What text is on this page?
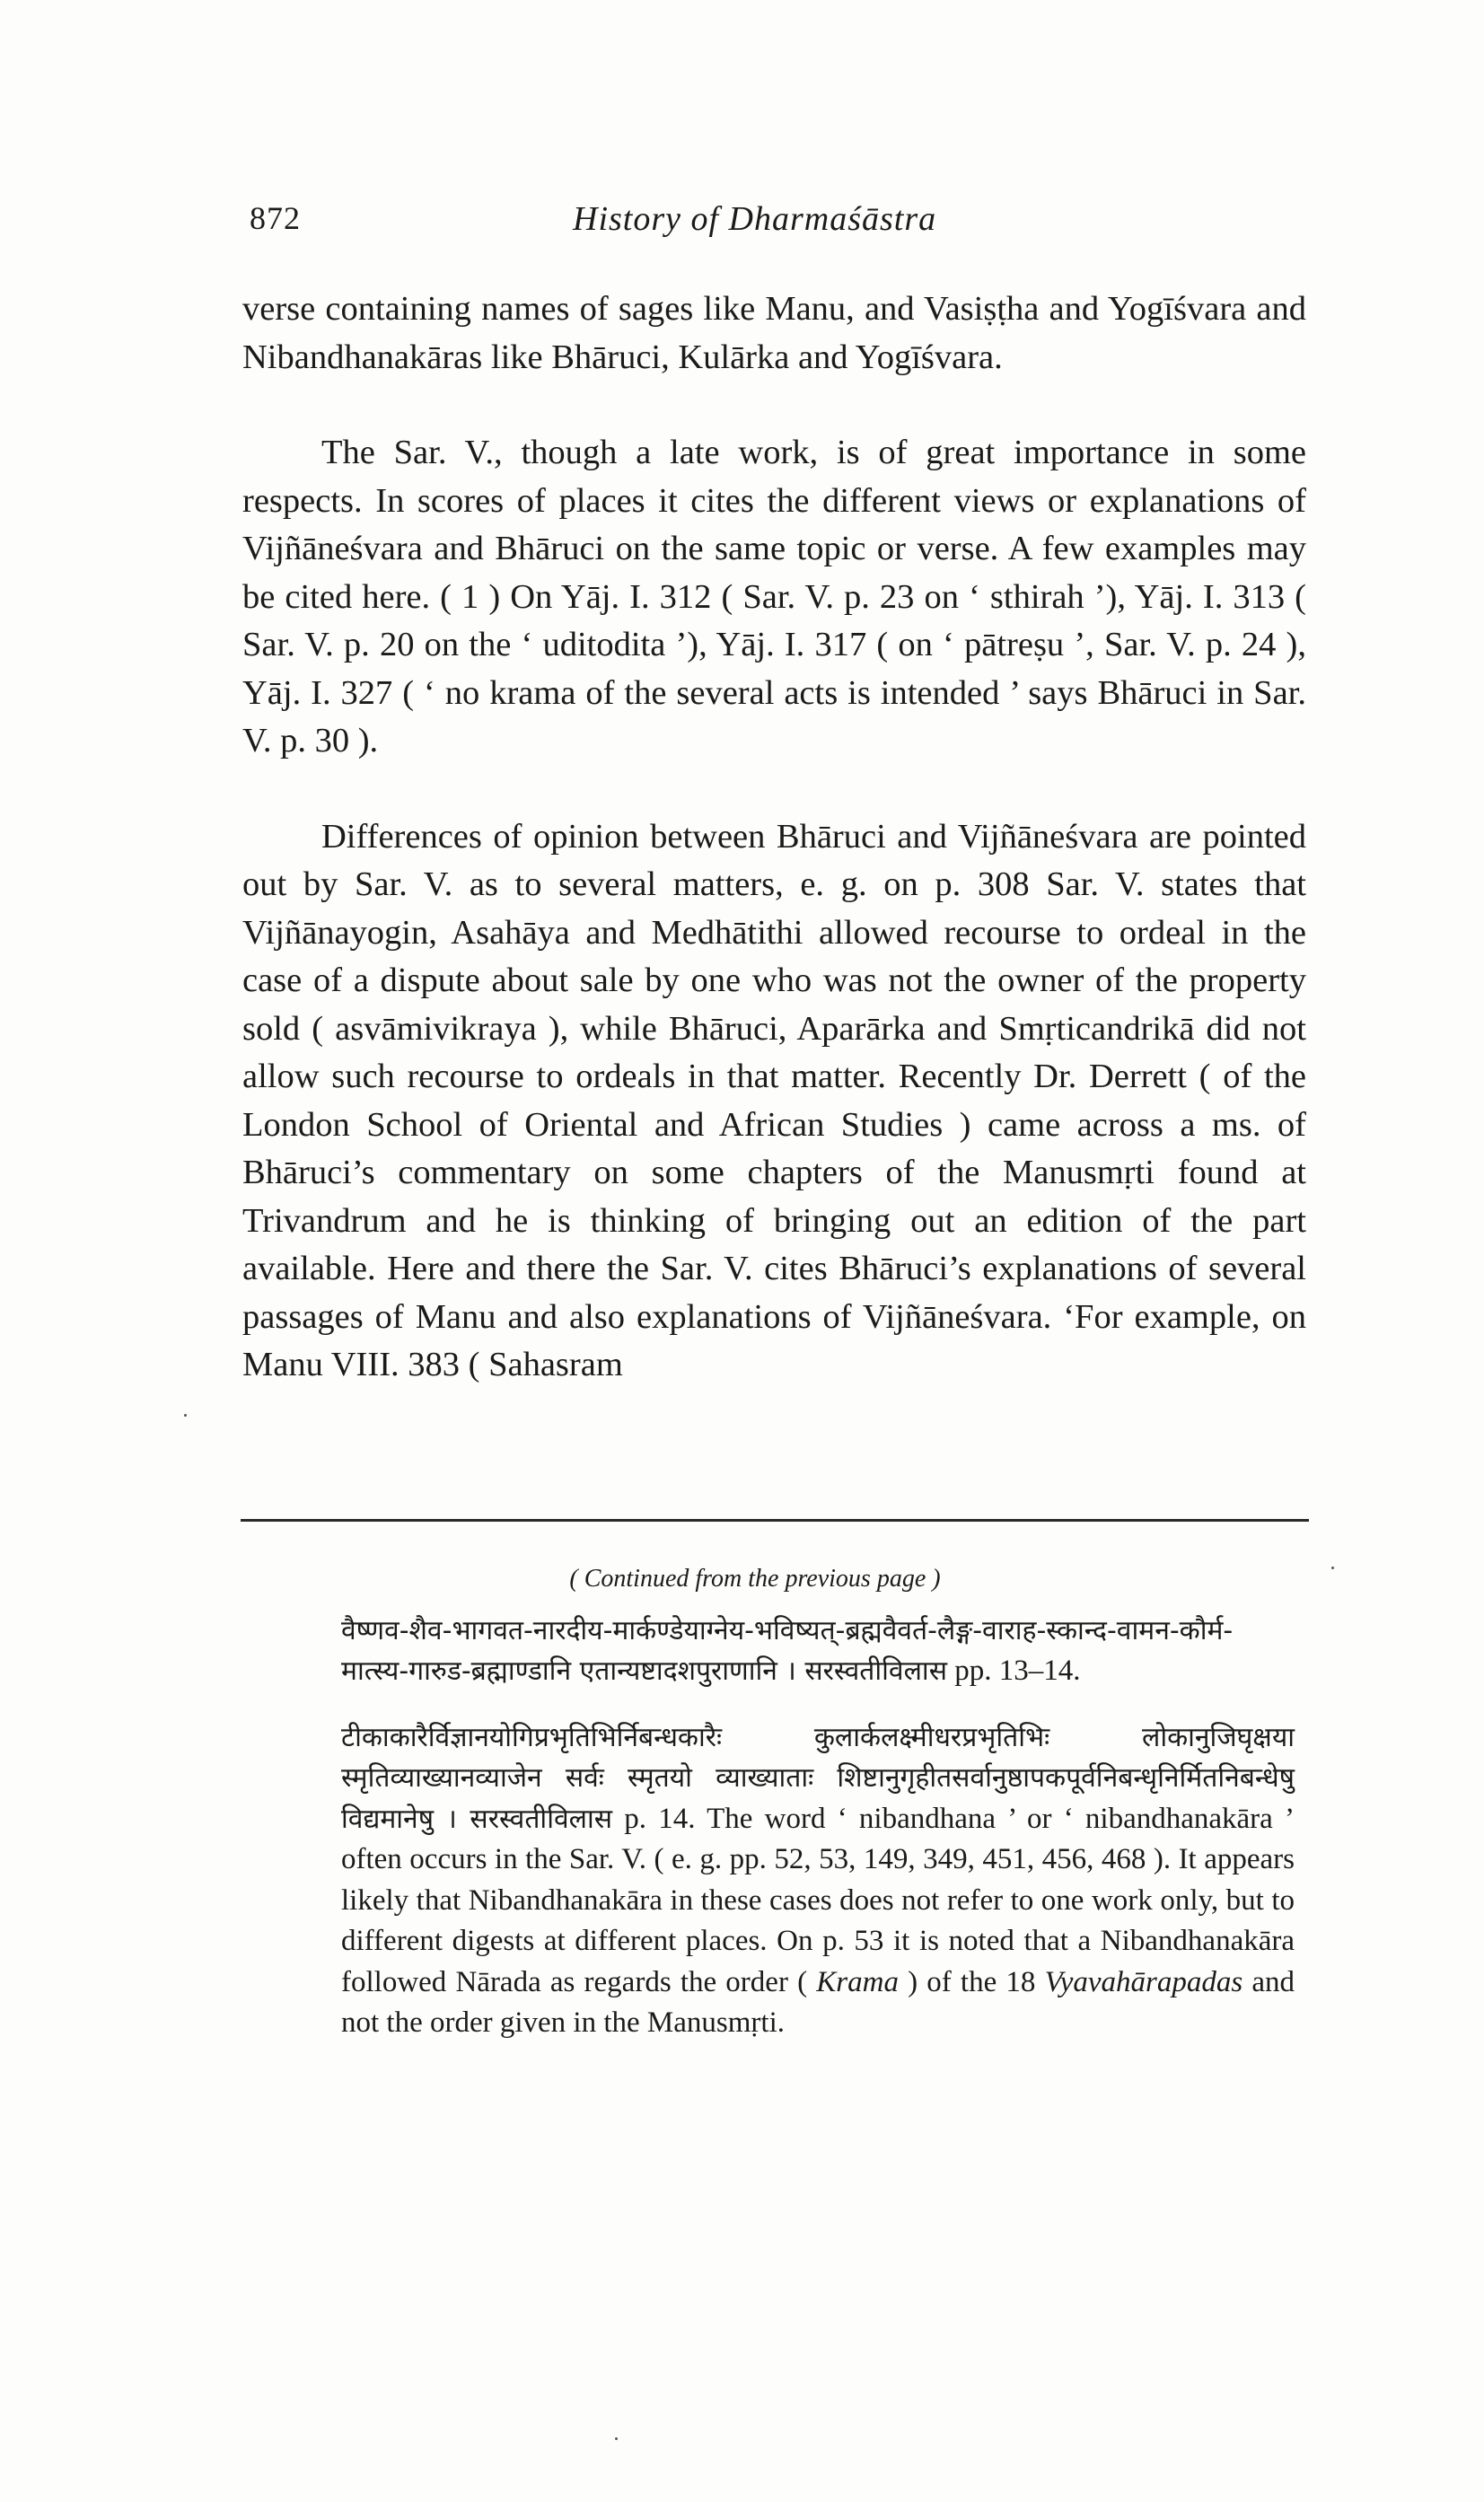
872	History of Dharmaśāstra

verse containing names of sages like Manu, and Vasiṣṭha and Yogīśvara and Nibandhanakāras like Bhāruci, Kulārka and Yogīśvara.

The Sar. V., though a late work, is of great importance in some respects. In scores of places it cites the different views or explanations of Vijñāneśvara and Bhāruci on the same topic or verse. A few examples may be cited here. ( 1 ) On Yāj. I. 312 ( Sar. V. p. 23 on ‘ sthirah ’), Yāj. I. 313 ( Sar. V. p. 20 on the ‘ uditodita ’), Yāj. I. 317 ( on ‘ pātreṣu ’, Sar. V. p. 24 ), Yāj. I. 327 ( ‘ no krama of the several acts is intended ’ says Bhāruci in Sar. V. p. 30 ).

Differences of opinion between Bhāruci and Vijñāneśvara are pointed out by Sar. V. as to several matters, e. g. on p. 308 Sar. V. states that Vijñānayogin, Asahāya and Medhātithi allowed recourse to ordeal in the case of a dispute about sale by one who was not the owner of the property sold ( asvāmivikraya ), while Bhāruci, Aparārka and Smṛticandrikā did not allow such recourse to ordeals in that matter. Recently Dr. Derrett ( of the London School of Oriental and African Studies ) came across a ms. of Bhāruci’s commentary on some chapters of the Manusmṛti found at Trivandrum and he is thinking of bringing out an edition of the part available. Here and there the Sar. V. cites Bhāruci’s explanations of several passages of Manu and also explanations of Vijñāneśvara. ‘For example, on Manu VIII. 383 ( Sahasram

( Continued from the previous page )

वैष्णव-शैव-भागवत-नारदीय-मार्कण्डेयाग्नेय-भविष्यत्-ब्रह्मवैवर्त-लैङ्ग-वाराह-स्कान्द-वामन-कौर्म-मात्स्य-गारुड-ब्रह्माण्डानि एतान्यष्टादशपुराणानि । सरस्वतीविलास pp. 13–14.

टीकाकारैर्विज्ञानयोगिप्रभृतिभिर्निबन्धकारैः कुलार्कलक्ष्मीधरप्रभृतिभिः लोकानुजिघृक्षया स्मृतिव्याख्यानव्याजेन सर्वः स्मृतयो व्याख्याताः शिष्टानुगृहीतसर्वानुष्ठापकपूर्वनिबन्धृनिर्मितनिबन्धेषु विद्यमानेषु । सरस्वतीविलास p. 14. The word ‘ nibandhana ’ or ‘ nibandhanakāra ’ often occurs in the Sar. V. ( e. g. pp. 52, 53, 149, 349, 451, 456, 468 ). It appears likely that Nibandhanakāra in these cases does not refer to one work only, but to different digests at different places. On p. 53 it is noted that a Nibandhanakāra followed Nārada as regards the order ( Krama ) of the 18 Vyavahārapadas and not the order given in the Manusmṛti.
